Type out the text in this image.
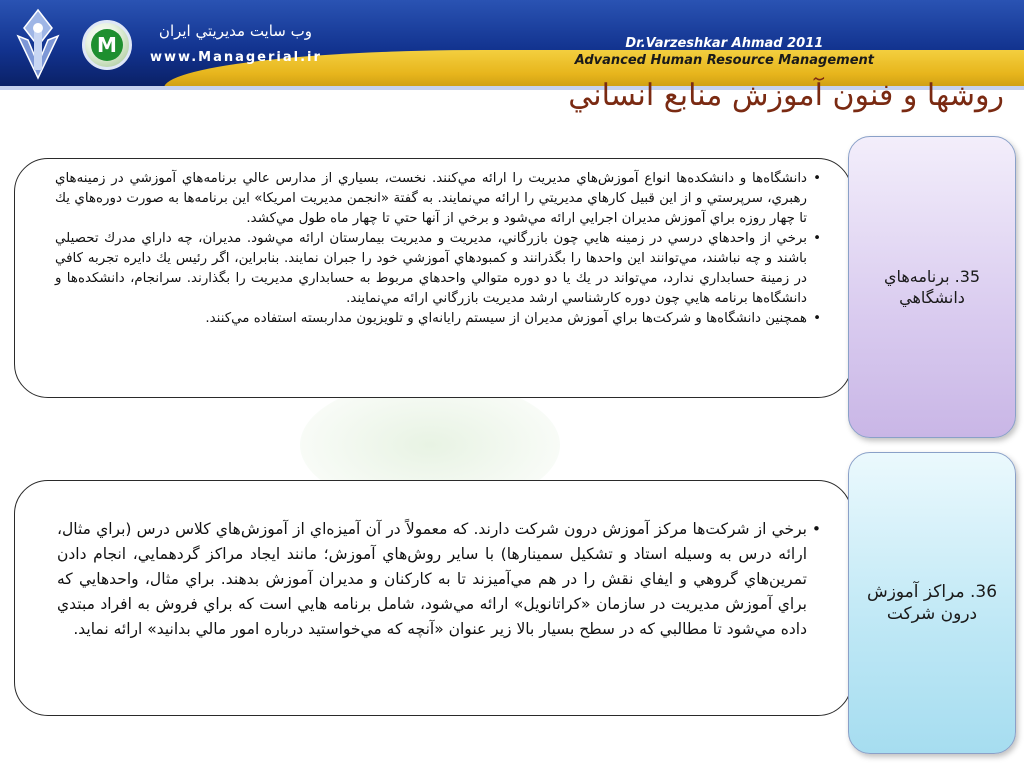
M
وب سايت مديريتي ايران
www.Managerial.ir
Dr.Varzeshkar Ahmad 2011
Advanced Human Resource Management
روشها و فنون آموزش منابع انساني
• دانشگاه‌ها و دانشكده‌ها انواع آموزش‌هاي مديريت را ارائه مي‌كنند. نخست، بسياري از مدارس عالي برنامه‌هاي آموزشي در زمينه‌هاي رهبري، سرپرستي و از اين قبيل كارهاي مديريتي را ارائه مي‌نمايند. به گفتة «انجمن مديريت امريكا» اين برنامه‌ها به صورت دوره‌هاي يك تا چهار روزه براي آموزش مديران اجرايي ارائه مي‌شود و برخي از آنها حتي تا چهار ماه طول مي‌كشد.
• برخي از واحدهاي درسي در زمينه هايي چون بازرگاني، مديريت و مديريت بيمارستان ارائه مي‌شود. مديران، چه داراي مدرك تحصيلي باشند و چه نباشند، مي‌توانند اين واحدها را بگذرانند و كمبودهاي آموزشي خود را جبران نمايند. بنابراين، اگر رئيس يك دايره تجربه كافي در زمينة حسابداري ندارد، مي‌تواند در يك يا دو دوره متوالي واحدهاي مربوط به حسابداري مديريت را بگذارند. سرانجام، دانشكده‌ها و دانشگاه‌ها برنامه هايي چون دوره كارشناسي ارشد مديريت بازرگاني ارائه مي‌نمايند.
• همچنين دانشگاه‌ها و شركت‌ها براي آموزش مديران از سيستم رايانه‌اي و تلويزيون مداربسته استفاده مي‌كنند.
35. برنامه‌هاي دانشگاهي
• برخي از شركت‌ها مركز آموزش درون شركت دارند. كه معمولاً در آن آميزه‌اي از آموزش‌هاي كلاس درس (براي مثال، ارائه درس به وسيله استاد و تشكيل سمينارها) با ساير روش‌هاي آموزش؛ مانند ايجاد مراكز گردهمايي، انجام دادن تمرين‌هاي گروهي و ايفاي نقش را در هم مي‌آميزند تا به كاركنان و مديران آموزش بدهند. براي مثال، واحدهايي كه براي آموزش مديريت در سازمان «كراتانويل» ارائه مي‌شود، شامل برنامه هايي است كه براي فروش به افراد مبتدي داده مي‌شود تا مطالبي كه در سطح بسيار بالا زير عنوان «آنچه كه مي‌خواستيد درباره امور مالي بدانيد» ارائه نمايد.
36. مراكز آموزش درون شركت
